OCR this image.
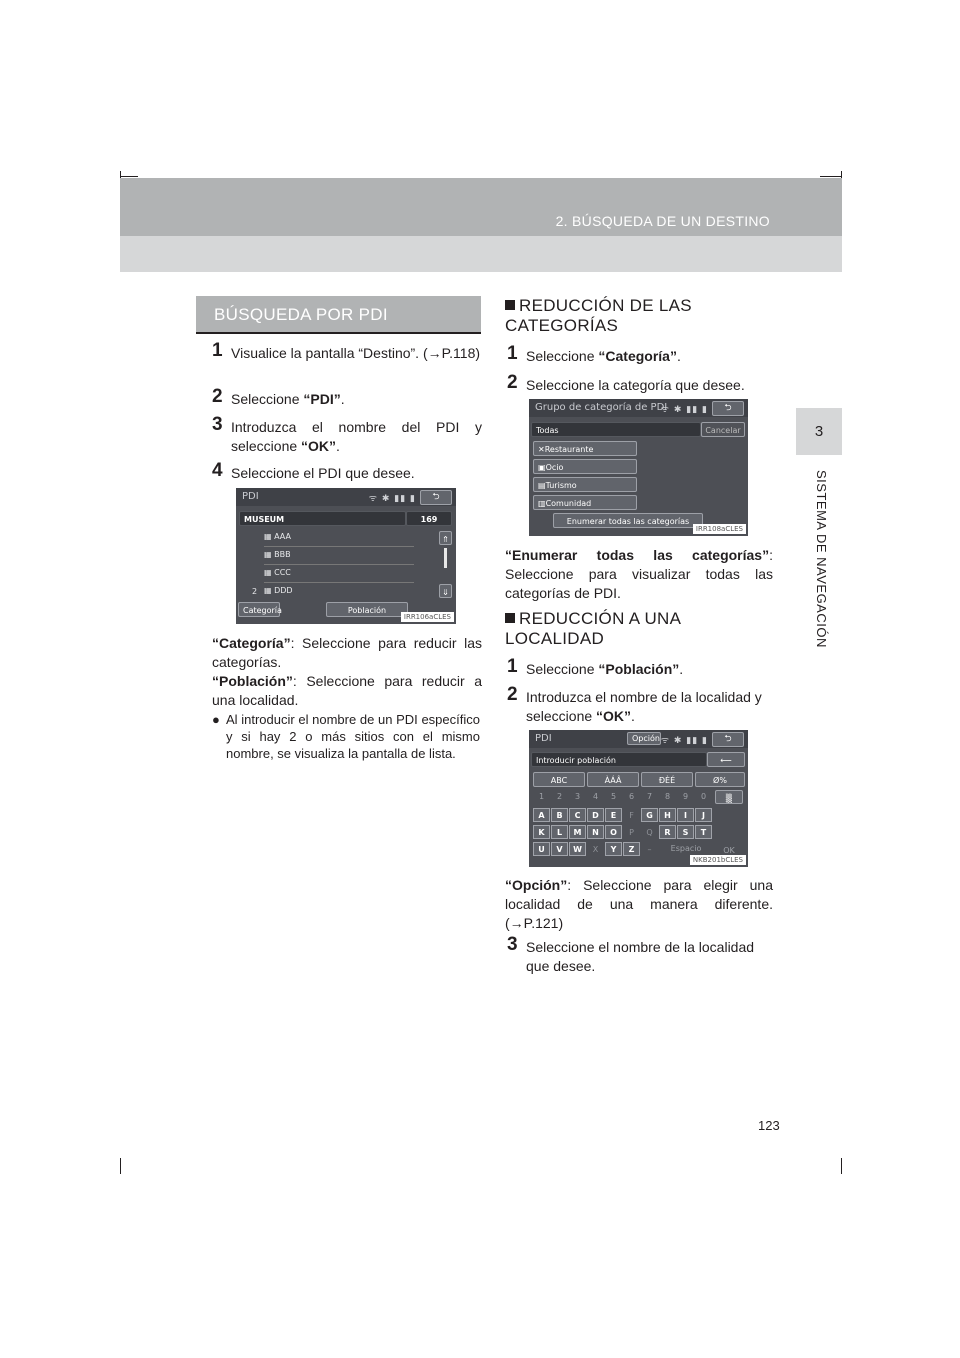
2. BÚSQUEDA DE UN DESTINO
3
SISTEMA DE NAVEGACIÓN
BÚSQUEDA POR PDI
1 Visualice la pantalla “Destino”. (→P.118)
2 Seleccione “PDI”.
3 Introduzca el nombre del PDI y seleccione “OK”.
4 Seleccione el PDI que desee.
PDI	ᯤ ✱ ▮▮ ▮	⮌
MUSEUM	169
▦ AAA
▦ BBB
▦ CCC
▦ DDD
2
⇑
⇓
Categoría	Población
IRR106aCLES
“Categoría”: Seleccione para reducir las categorías.
“Población”: Seleccione para reducir a una localidad.
● Al introducir el nombre de un PDI específico y si hay 2 o más sitios con el mismo nombre, se visualiza la pantalla de lista.
REDUCCIÓN DE LAS CATEGORÍAS
1 Seleccione “Categoría”.
2 Seleccione la categoría que desee.
Grupo de categoría de PDI
ᯤ ✱ ▮▮ ▮	⮌
Todas	Cancelar
✕Restaurante
▣Ocio
▤Turismo
▥Comunidad
Enumerar todas las categorías
IRR108aCLES
“Enumerar todas las categorías”: Seleccione para visualizar todas las categorías de PDI.
REDUCCIÓN A UNA LOCALIDAD
1 Seleccione “Población”.
2 Introduzca el nombre de la localidad y seleccione “OK”.
PDI	Opción ᯤ ✱ ▮▮ ▮	⮌
Introducir población	⟵
ABC	ÀÁÂ	ÐÈÉ	Ø%
1 2 3 4 5 6 7 8 9 0	▒
A	B	C	D	E	F	G	H	I	J
K	L	M	N	O	P	Q	R	S	T
U	V	W	X	Y	Z	–	Espacio	OK
NKB201bCLES
“Opción”: Seleccione para elegir una localidad de una manera diferente. (→P.121)
3 Seleccione el nombre de la localidad que desee.
123
